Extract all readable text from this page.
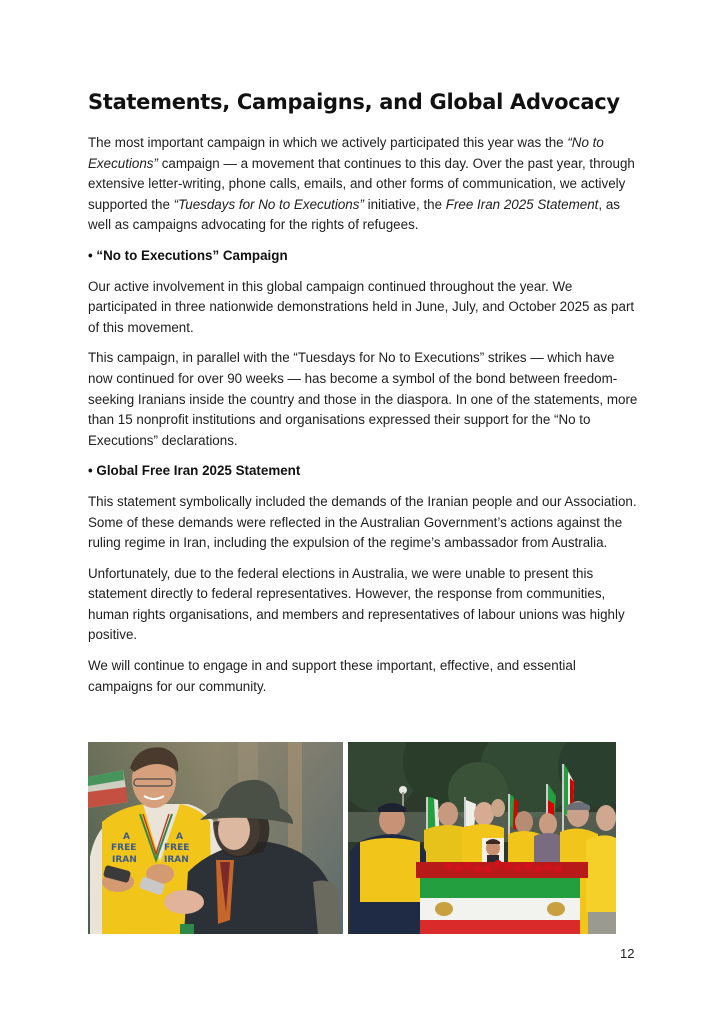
Statements, Campaigns, and Global Advocacy

The most important campaign in which we actively participated this year was the “No to Executions” campaign — a movement that continues to this day. Over the past year, through extensive letter-writing, phone calls, emails, and other forms of communication, we actively supported the “Tuesdays for No to Executions” initiative, the Free Iran 2025 Statement, as well as campaigns advocating for the rights of refugees.

• “No to Executions” Campaign

Our active involvement in this global campaign continued throughout the year. We participated in three nationwide demonstrations held in June, July, and October 2025 as part of this movement.

This campaign, in parallel with the “Tuesdays for No to Executions” strikes — which have now continued for over 90 weeks — has become a symbol of the bond between freedom-seeking Iranians inside the country and those in the diaspora. In one of the statements, more than 15 nonprofit institutions and organisations expressed their support for the “No to Executions” declarations.

• Global Free Iran 2025 Statement

This statement symbolically included the demands of the Iranian people and our Association. Some of these demands were reflected in the Australian Government’s actions against the ruling regime in Iran, including the expulsion of the regime’s ambassador from Australia.

Unfortunately, due to the federal elections in Australia, we were unable to present this statement directly to federal representatives. However, the response from communities, human rights organisations, and members and representatives of labour unions was highly positive.

We will continue to engage in and support these important, effective, and essential campaigns for our community.

A
FREE
IRAN
A
FREE
IRAN
12
